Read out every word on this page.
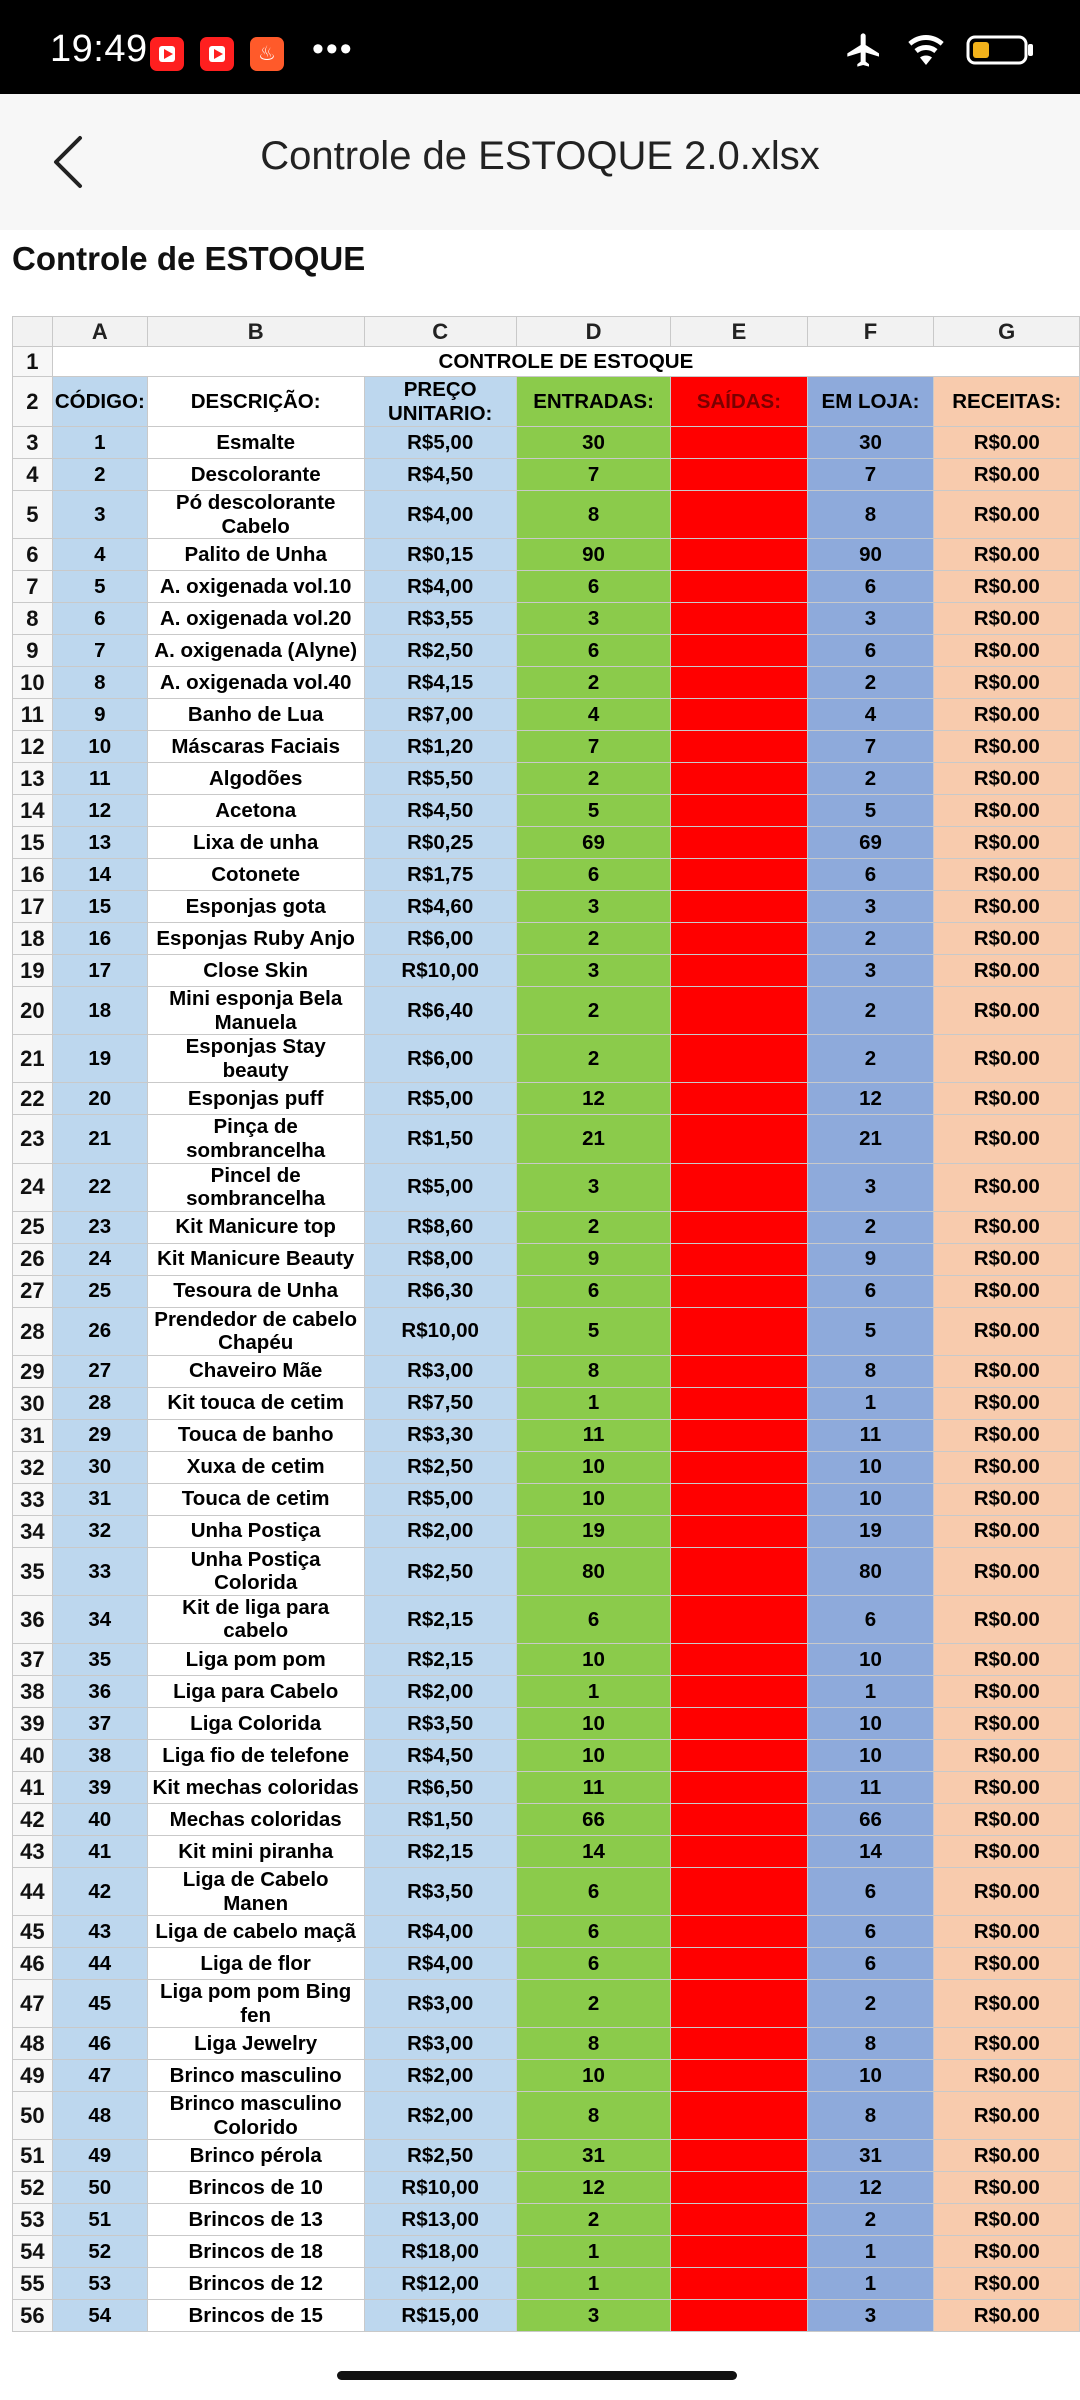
19:49	♨ •••
Controle de ESTOQUE 2.0.xlsx
Controle de ESTOQUE
	A	B	C	D	E	F	G
1	CONTROLE DE ESTOQUE						
2	CÓDIGO:	DESCRIÇÃO:	PREÇO UNITARIO:	ENTRADAS:	SAÍDAS:	EM LOJA:	RECEITAS:
3	1	Esmalte	R$5,00	30		30	R$0.00
4	2	Descolorante	R$4,50	7		7	R$0.00
5	3	Pó descolorante Cabelo	R$4,00	8		8	R$0.00
6	4	Palito de Unha	R$0,15	90		90	R$0.00
7	5	A. oxigenada vol.10	R$4,00	6		6	R$0.00
8	6	A. oxigenada vol.20	R$3,55	3		3	R$0.00
9	7	A. oxigenada (Alyne)	R$2,50	6		6	R$0.00
10	8	A. oxigenada vol.40	R$4,15	2		2	R$0.00
11	9	Banho de Lua	R$7,00	4		4	R$0.00
12	10	Máscaras Faciais	R$1,20	7		7	R$0.00
13	11	Algodões	R$5,50	2		2	R$0.00
14	12	Acetona	R$4,50	5		5	R$0.00
15	13	Lixa de unha	R$0,25	69		69	R$0.00
16	14	Cotonete	R$1,75	6		6	R$0.00
17	15	Esponjas gota	R$4,60	3		3	R$0.00
18	16	Esponjas Ruby Anjo	R$6,00	2		2	R$0.00
19	17	Close Skin	R$10,00	3		3	R$0.00
20	18	Mini esponja Bela Manuela	R$6,40	2		2	R$0.00
21	19	Esponjas Stay beauty	R$6,00	2		2	R$0.00
22	20	Esponjas puff	R$5,00	12		12	R$0.00
23	21	Pinça de sombrancelha	R$1,50	21		21	R$0.00
24	22	Pincel de sombrancelha	R$5,00	3		3	R$0.00
25	23	Kit Manicure top	R$8,60	2		2	R$0.00
26	24	Kit Manicure Beauty	R$8,00	9		9	R$0.00
27	25	Tesoura de Unha	R$6,30	6		6	R$0.00
28	26	Prendedor de cabelo Chapéu	R$10,00	5		5	R$0.00
29	27	Chaveiro Mãe	R$3,00	8		8	R$0.00
30	28	Kit touca de cetim	R$7,50	1		1	R$0.00
31	29	Touca de banho	R$3,30	11		11	R$0.00
32	30	Xuxa de cetim	R$2,50	10		10	R$0.00
33	31	Touca de cetim	R$5,00	10		10	R$0.00
34	32	Unha Postiça	R$2,00	19		19	R$0.00
35	33	Unha Postiça Colorida	R$2,50	80		80	R$0.00
36	34	Kit de liga para cabelo	R$2,15	6		6	R$0.00
37	35	Liga pom pom	R$2,15	10		10	R$0.00
38	36	Liga para Cabelo	R$2,00	1		1	R$0.00
39	37	Liga Colorida	R$3,50	10		10	R$0.00
40	38	Liga fio de telefone	R$4,50	10		10	R$0.00
41	39	Kit mechas coloridas	R$6,50	11		11	R$0.00
42	40	Mechas coloridas	R$1,50	66		66	R$0.00
43	41	Kit mini piranha	R$2,15	14		14	R$0.00
44	42	Liga de Cabelo Manen	R$3,50	6		6	R$0.00
45	43	Liga de cabelo maçã	R$4,00	6		6	R$0.00
46	44	Liga de flor	R$4,00	6		6	R$0.00
47	45	Liga pom pom Bing fen	R$3,00	2		2	R$0.00
48	46	Liga Jewelry	R$3,00	8		8	R$0.00
49	47	Brinco masculino	R$2,00	10		10	R$0.00
50	48	Brinco masculino Colorido	R$2,00	8		8	R$0.00
51	49	Brinco pérola	R$2,50	31		31	R$0.00
52	50	Brincos de 10	R$10,00	12		12	R$0.00
53	51	Brincos de 13	R$13,00	2		2	R$0.00
54	52	Brincos de 18	R$18,00	1		1	R$0.00
55	53	Brincos de 12	R$12,00	1		1	R$0.00
56	54	Brincos de 15	R$15,00	3		3	R$0.00
